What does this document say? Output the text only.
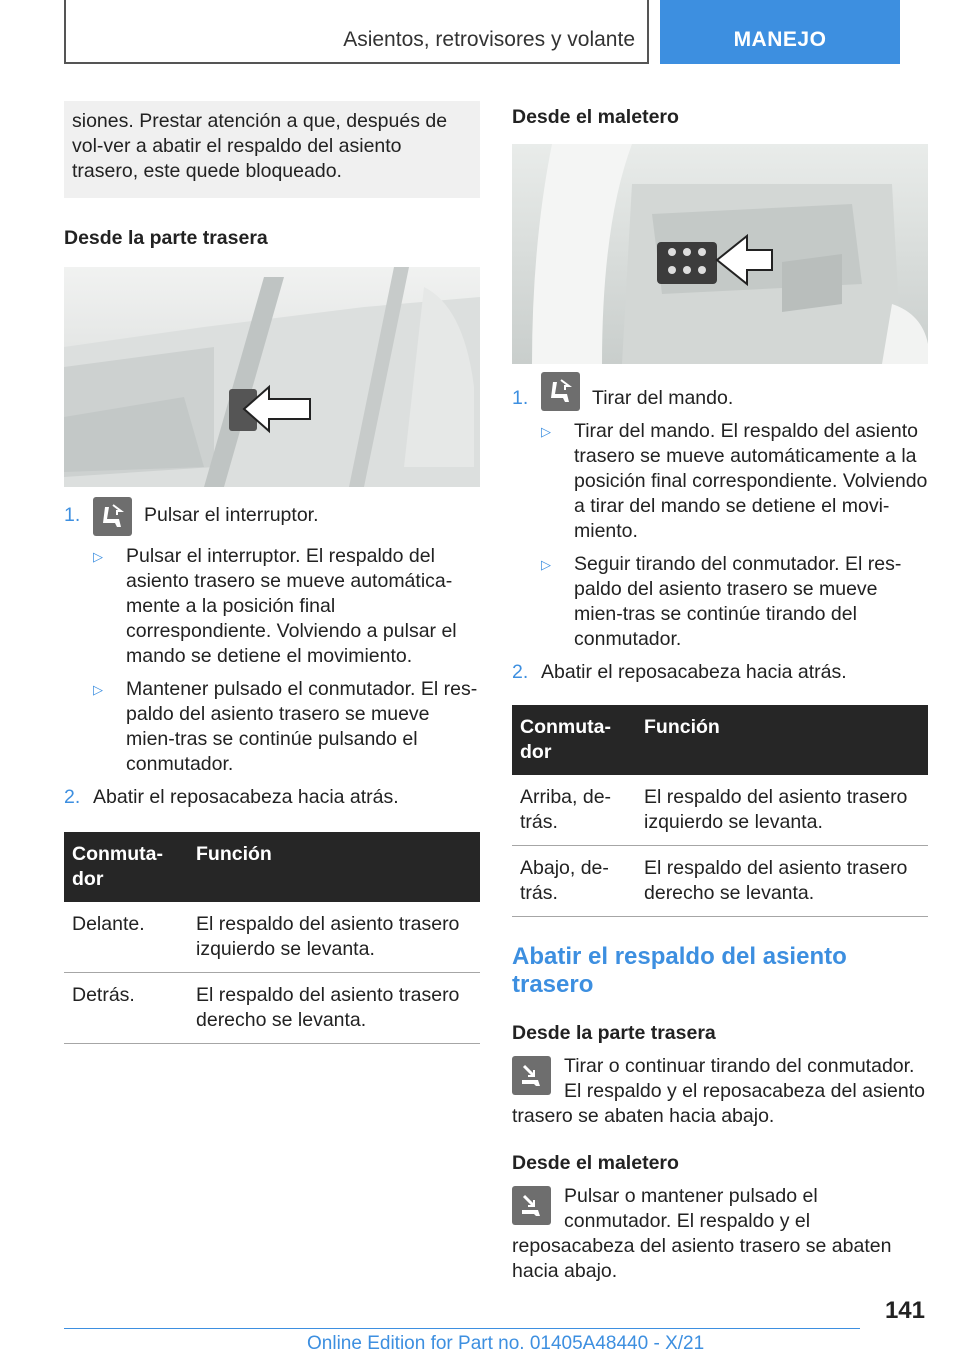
Asientos, retrovisores y volante	MANEJO
siones. Prestar atención a que, después de vol-ver a abatir el respaldo del asiento trasero, este quede bloqueado.
Desde la parte trasera
1.	Pulsar el interruptor.
▷	Pulsar el interruptor. El respaldo del asiento trasero se mueve automática-mente a la posición final correspondiente. Volviendo a pulsar el mando se detiene el movimiento.
▷	Mantener pulsado el conmutador. El res-paldo del asiento trasero se mueve mien-tras se continúe pulsando el conmutador.
2. Abatir el reposacabeza hacia atrás.
Conmuta-dor	Función
Delante.	El respaldo del asiento trasero izquierdo se levanta.
Detrás.	El respaldo del asiento trasero derecho se levanta.
Desde el maletero
1.	Tirar del mando.
▷	Tirar del mando. El respaldo del asiento trasero se mueve automáticamente a la posición final correspondiente. Volviendo a tirar del mando se detiene el movi-miento.
▷	Seguir tirando del conmutador. El res-paldo del asiento trasero se mueve mien-tras se continúe tirando del conmutador.
2. Abatir el reposacabeza hacia atrás.
Conmuta-dor	Función
Arriba, de-trás.	El respaldo del asiento trasero izquierdo se levanta.
Abajo, de-trás.	El respaldo del asiento trasero derecho se levanta.
Abatir el respaldo del asiento trasero
Desde la parte trasera
Tirar o continuar tirando del conmutador. El respaldo y el reposacabeza del asiento trasero se abaten hacia abajo.
Desde el maletero
Pulsar o mantener pulsado el conmutador. El respaldo y el reposacabeza del asiento trasero se abaten hacia abajo.
141
Online Edition for Part no. 01405A48440 - X/21
